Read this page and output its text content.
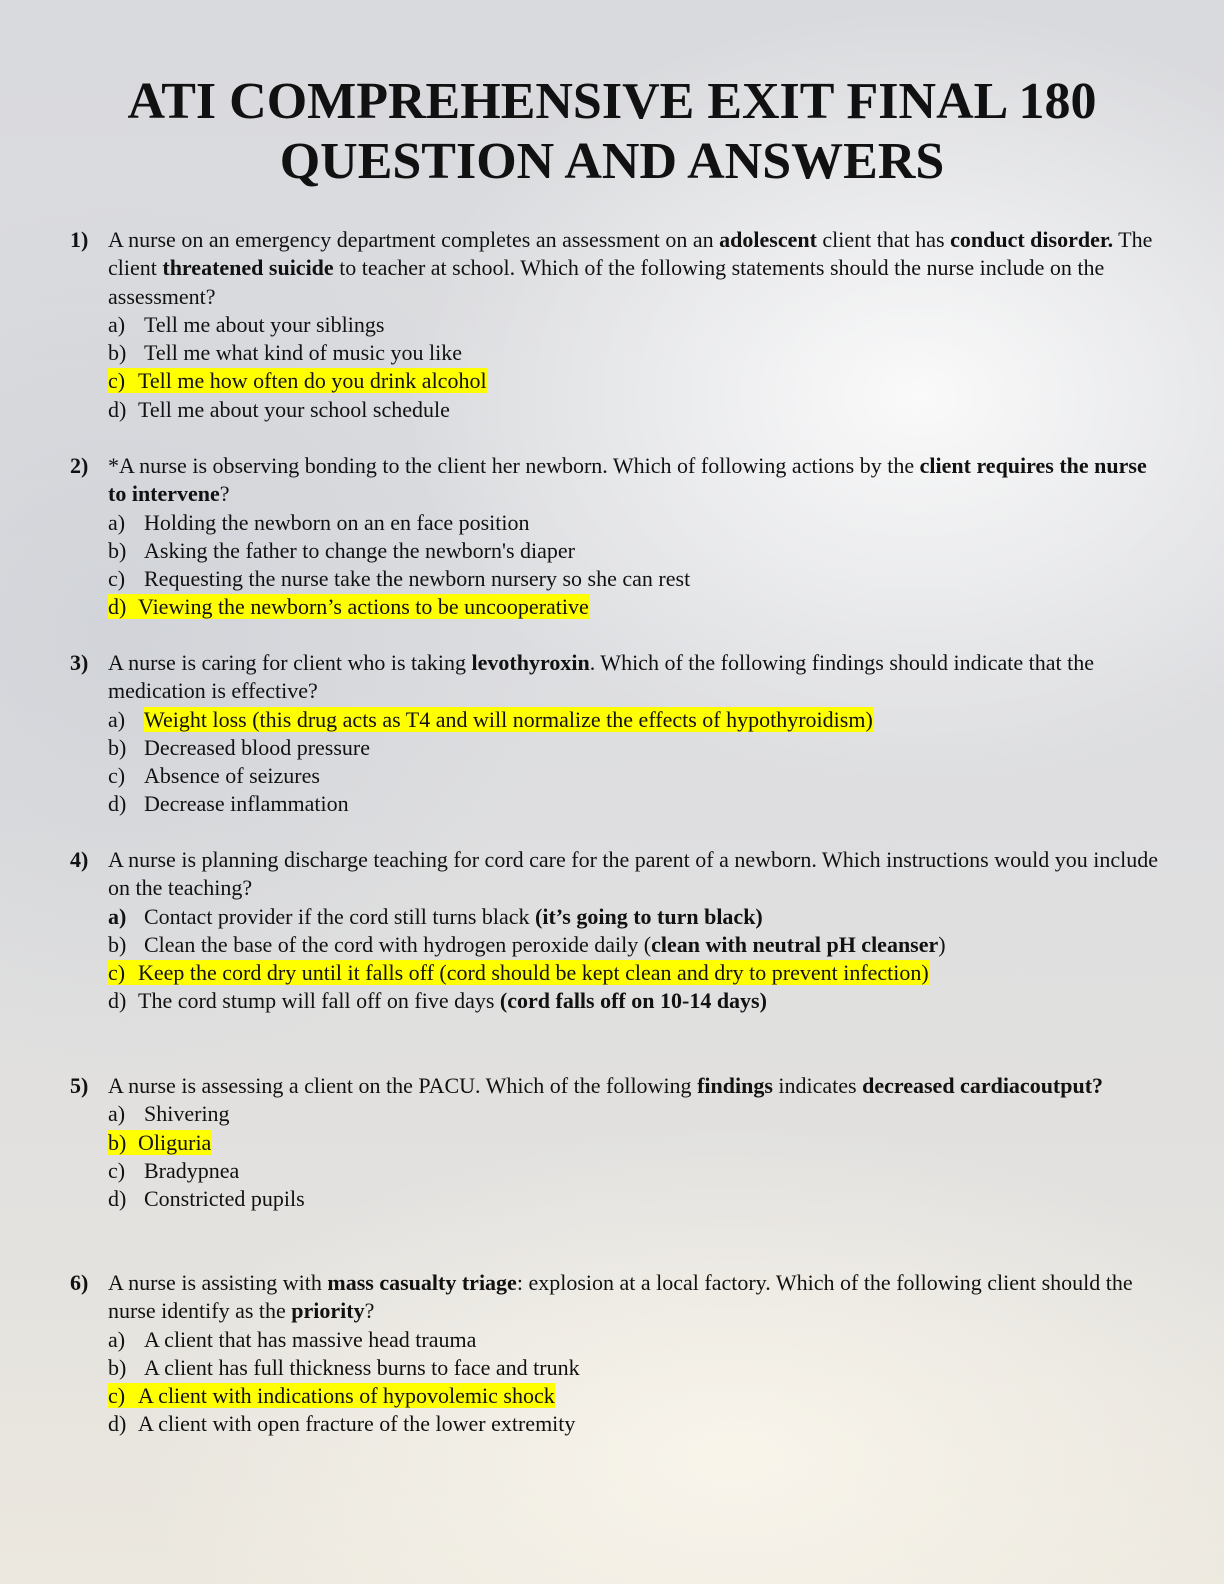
ATI COMPREHENSIVE EXIT FINAL 180
QUESTION AND ANSWERS
1) A nurse on an emergency department completes an assessment on an adolescent client that has conduct disorder. The client threatened suicide to teacher at school. Which of the following statements should the nurse include on the assessment?
a) Tell me about your siblings
b) Tell me what kind of music you like
c) Tell me how often do you drink alcohol
d) Tell me about your school schedule
2) *A nurse is observing bonding to the client her newborn. Which of following actions by the client requires the nurse to intervene?
a) Holding the newborn on an en face position
b) Asking the father to change the newborn's diaper
c) Requesting the nurse take the newborn nursery so she can rest
d) Viewing the newborn’s actions to be uncooperative
3) A nurse is caring for client who is taking levothyroxin. Which of the following findings should indicate that the medication is effective?
a) Weight loss (this drug acts as T4 and will normalize the effects of hypothyroidism)
b) Decreased blood pressure
c) Absence of seizures
d) Decrease inflammation
4) A nurse is planning discharge teaching for cord care for the parent of a newborn. Which instructions would you include on the teaching?
a) Contact provider if the cord still turns black (it’s going to turn black)
b) Clean the base of the cord with hydrogen peroxide daily (clean with neutral pH cleanser)
c) Keep the cord dry until it falls off (cord should be kept clean and dry to prevent infection)
d) The cord stump will fall off on five days (cord falls off on 10-14 days)
5) A nurse is assessing a client on the PACU. Which of the following findings indicates decreased cardiacoutput?
a) Shivering
b) Oliguria
c) Bradypnea
d) Constricted pupils
6) A nurse is assisting with mass casualty triage: explosion at a local factory. Which of the following client should the nurse identify as the priority?
a) A client that has massive head trauma
b) A client has full thickness burns to face and trunk
c) A client with indications of hypovolemic shock
d) A client with open fracture of the lower extremity
